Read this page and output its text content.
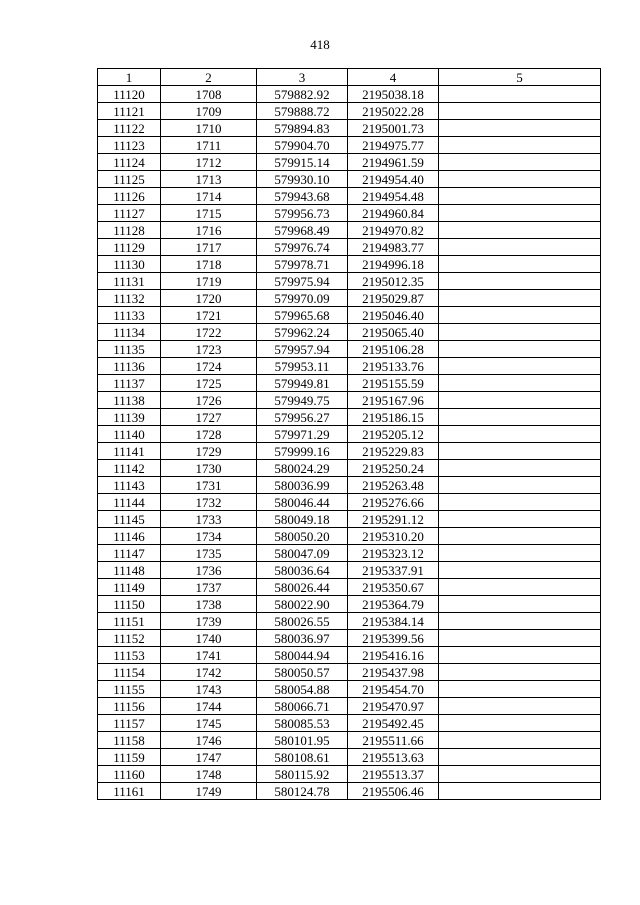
418
1	2	3	4	5
11120	1708	579882.92	2195038.18	
11121	1709	579888.72	2195022.28	
11122	1710	579894.83	2195001.73	
11123	1711	579904.70	2194975.77	
11124	1712	579915.14	2194961.59	
11125	1713	579930.10	2194954.40	
11126	1714	579943.68	2194954.48	
11127	1715	579956.73	2194960.84	
11128	1716	579968.49	2194970.82	
11129	1717	579976.74	2194983.77	
11130	1718	579978.71	2194996.18	
11131	1719	579975.94	2195012.35	
11132	1720	579970.09	2195029.87	
11133	1721	579965.68	2195046.40	
11134	1722	579962.24	2195065.40	
11135	1723	579957.94	2195106.28	
11136	1724	579953.11	2195133.76	
11137	1725	579949.81	2195155.59	
11138	1726	579949.75	2195167.96	
11139	1727	579956.27	2195186.15	
11140	1728	579971.29	2195205.12	
11141	1729	579999.16	2195229.83	
11142	1730	580024.29	2195250.24	
11143	1731	580036.99	2195263.48	
11144	1732	580046.44	2195276.66	
11145	1733	580049.18	2195291.12	
11146	1734	580050.20	2195310.20	
11147	1735	580047.09	2195323.12	
11148	1736	580036.64	2195337.91	
11149	1737	580026.44	2195350.67	
11150	1738	580022.90	2195364.79	
11151	1739	580026.55	2195384.14	
11152	1740	580036.97	2195399.56	
11153	1741	580044.94	2195416.16	
11154	1742	580050.57	2195437.98	
11155	1743	580054.88	2195454.70	
11156	1744	580066.71	2195470.97	
11157	1745	580085.53	2195492.45	
11158	1746	580101.95	2195511.66	
11159	1747	580108.61	2195513.63	
11160	1748	580115.92	2195513.37	
11161	1749	580124.78	2195506.46	
